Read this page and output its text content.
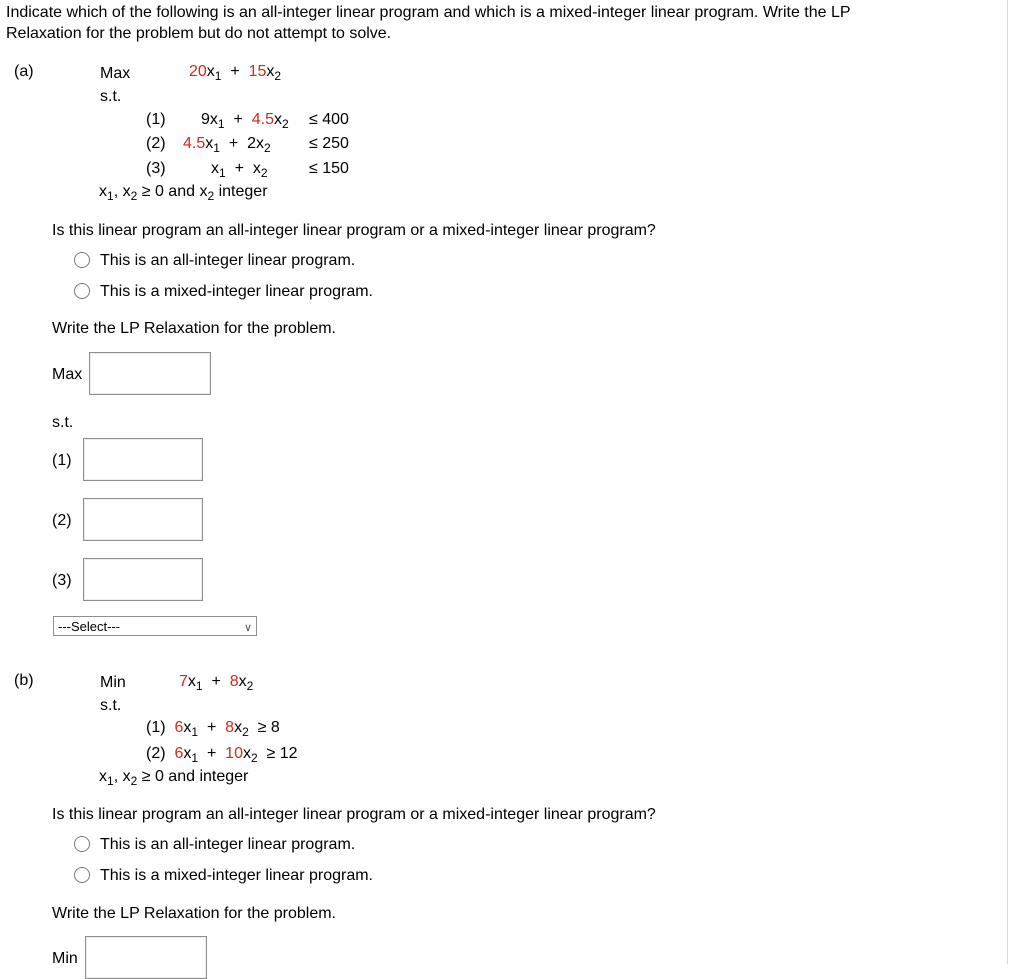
Indicate which of the following is an all-integer linear program and which is a mixed-integer linear program. Write the LP
Relaxation for the problem but do not attempt to solve.
(a)	Max	$20x_1 + 15x_2$
s.t.
(1) $9x_1 + 4.5x_2 \le 400$
(2) $4.5x_1 + 2x_2 \le 250$
(3)	$x_1 + x_2$	≤ 150
$x_1$, $x_2 \ge 0$ and $x_2$ integer
Is this linear program an all-integer linear program or a mixed-integer linear program?
This is an all-integer linear program.
This is a mixed-integer linear program.
Write the LP Relaxation for the problem.
Max
s.t.
(1)
(2)
(3)
---Select---	∨
(b)	Min	$7x_1 + 8x_2$
s.t.
(1) $6x_1 + 8x_2 \ge 8$
(2) $6x_1 + 10x_2 \ge 12$
$x_1$, $x_2 \ge 0$ and integer
Is this linear program an all-integer linear program or a mixed-integer linear program?
This is an all-integer linear program.
This is a mixed-integer linear program.
Write the LP Relaxation for the problem.
Min
